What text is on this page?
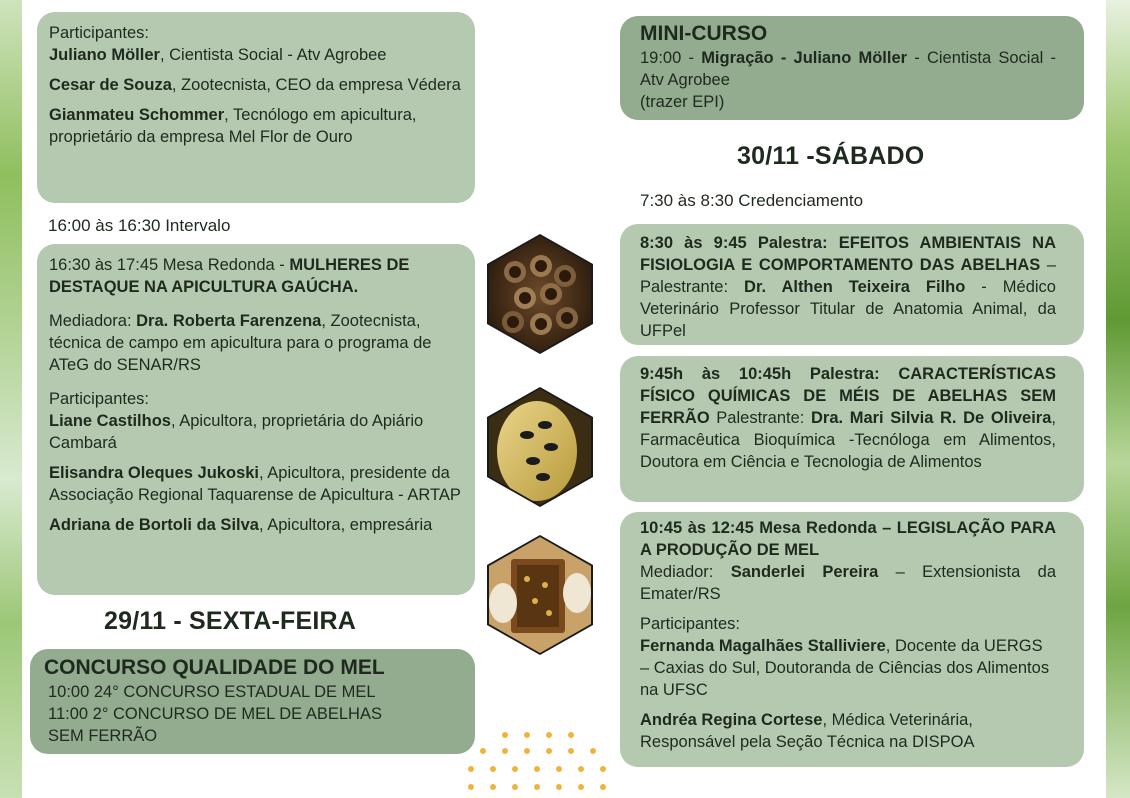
Participantes:

Juliano Möller, Cientista Social - Atv Agrobee

Cesar de Souza, Zootecnista, CEO da empresa Védera

Gianmateu Schommer, Tecnólogo em apicultura, proprietário da empresa Mel Flor de Ouro

16:00 às 16:30 Intervalo

16:30 às 17:45 Mesa Redonda - MULHERES DE DESTAQUE NA APICULTURA GAÚCHA.

Mediadora: Dra. Roberta Farenzena, Zootecnista, técnica de campo em apicultura para o programa de ATeG do SENAR/RS

Participantes:

Liane Castilhos, Apicultora, proprietária do Apiário Cambará

Elisandra Oleques Jukoski, Apicultora, presidente da Associação Regional Taquarense de Apicultura - ARTAP

Adriana de Bortoli da Silva, Apicultora, empresária

29/11 - SEXTA-FEIRA
CONCURSO QUALIDADE DO MEL

10:00 24° CONCURSO ESTADUAL DE MEL

11:00 2° CONCURSO DE MEL DE ABELHAS SEM FERRÃO

MINI-CURSO

19:00 - Migração - Juliano Möller - Cientista Social - Atv Agrobee

(trazer EPI)

30/11 -SÁBADO
7:30 às 8:30 Credenciamento

8:30 às 9:45 Palestra: EFEITOS AMBIENTAIS NA FISIOLOGIA E COMPORTAMENTO DAS ABELHAS – Palestrante: Dr. Althen Teixeira Filho - Médico Veterinário Professor Titular de Anatomia Animal, da UFPel

9:45h às 10:45h Palestra: CARACTERÍSTICAS FÍSICO QUÍMICAS DE MÉIS DE ABELHAS SEM FERRÃO Palestrante: Dra. Mari Silvia R. De Oliveira, Farmacêutica Bioquímica -Tecnóloga em Alimentos, Doutora em Ciência e Tecnologia de Alimentos

10:45 às 12:45 Mesa Redonda – LEGISLAÇÃO PARA A PRODUÇÃO DE MEL

Mediador: Sanderlei Pereira – Extensionista da Emater/RS

Participantes:

Fernanda Magalhães Stalliviere, Docente da UERGS – Caxias do Sul, Doutoranda de Ciências dos Alimentos na UFSC

Andréa Regina Cortese, Médica Veterinária, Responsável pela Seção Técnica na DISPOA
